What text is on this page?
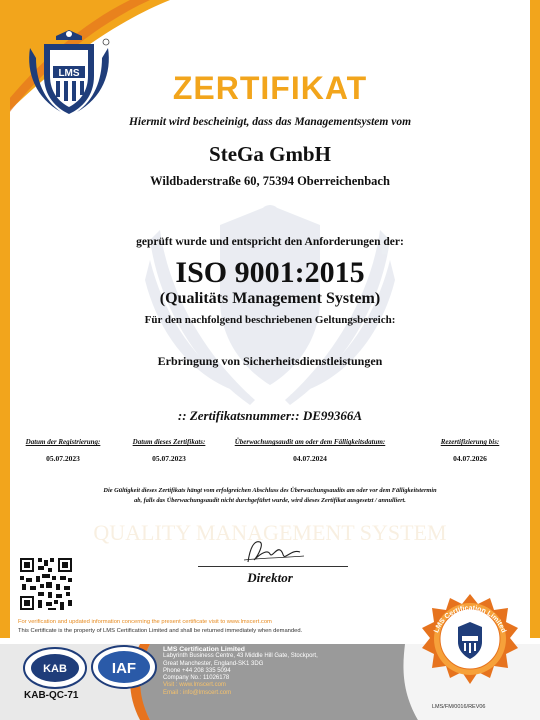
QUALITY MANAGEMENT SYSTEM
LMS	ZERTIFIKAT
Hiermit wird bescheinigt, dass das Managementsystem vom
SteGa GmbH
Wildbaderstraße 60, 75394 Oberreichenbach
geprüft wurde und entspricht den Anforderungen der:
ISO 9001:2015
(Qualitäts Management System)
Für den nachfolgend beschriebenen Geltungsbereich:
Erbringung von Sicherheitsdienstleistungen
:: Zertifikatsnummer:: DE99366A
Datum der Registrierung:
05.07.2023
Datum dieses Zertifikats:
05.07.2023
Überwachungsaudit am oder dem Fälligkeitsdatum:
04.07.2024
Rezertifizierung bis:
04.07.2026
Die Gültigkeit dieses Zertifikats hängt vom erfolgreichen Abschluss des Überwachungsaudits am oder vor dem Fälligkeitstermin
ab, falls das Überwachungsaudit nicht durchgeführt wurde, wird dieses Zertifikat ausgesetzt / annulliert.
Direktor
For verification and updated information concerning the present certificate visit to www.lmscert.com
This Certificate is the property of LMS Certification Limited and shall be returned immediately when demanded.
KAB	IAF
KAB-QC-71
LMS Certification Limited
Labyrinth Business Centre, 43 Middle Hill Gate, Stockport,
Great Manchester, England-SK1 3DG
Phone +44 208 335 5094
Company No.: 11026178
Visit : www.lmscert.com
Email : info@lmscert.com
LMS Certification Limited
LMS/FM/0016/REV06
